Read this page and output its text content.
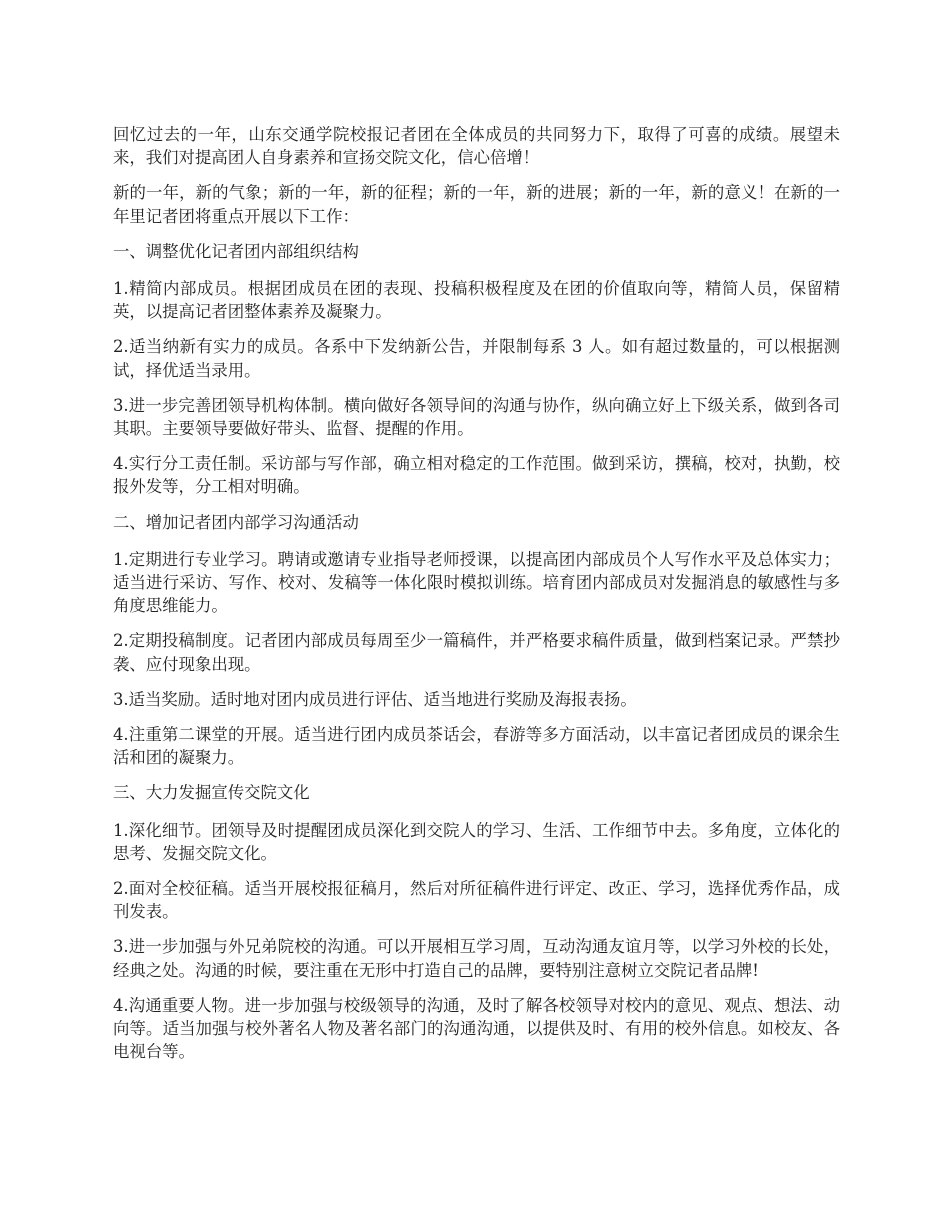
回忆过去的一年，山东交通学院校报记者团在全体成员的共同努力下，取得了可喜的成绩。展望未来，我们对提高团人自身素养和宣扬交院文化，信心倍增！

新的一年，新的气象；新的一年，新的征程；新的一年，新的进展；新的一年，新的意义！在新的一年里记者团将重点开展以下工作：

一、调整优化记者团内部组织结构

1.精简内部成员。根据团成员在团的表现、投稿积极程度及在团的价值取向等，精简人员，保留精英，以提高记者团整体素养及凝聚力。

2.适当纳新有实力的成员。各系中下发纳新公告，并限制每系 3 人。如有超过数量的，可以根据测试，择优适当录用。

3.进一步完善团领导机构体制。横向做好各领导间的沟通与协作，纵向确立好上下级关系，做到各司其职。主要领导要做好带头、监督、提醒的作用。

4.实行分工责任制。采访部与写作部，确立相对稳定的工作范围。做到采访，撰稿，校对，执勤，校报外发等，分工相对明确。

二、增加记者团内部学习沟通活动

1.定期进行专业学习。聘请或邀请专业指导老师授课，以提高团内部成员个人写作水平及总体实力；适当进行采访、写作、校对、发稿等一体化限时模拟训练。培育团内部成员对发掘消息的敏感性与多角度思维能力。

2.定期投稿制度。记者团内部成员每周至少一篇稿件，并严格要求稿件质量，做到档案记录。严禁抄袭、应付现象出现。

3.适当奖励。适时地对团内成员进行评估、适当地进行奖励及海报表扬。

4.注重第二课堂的开展。适当进行团内成员茶话会，春游等多方面活动，以丰富记者团成员的课余生活和团的凝聚力。

三、大力发掘宣传交院文化

1.深化细节。团领导及时提醒团成员深化到交院人的学习、生活、工作细节中去。多角度，立体化的思考、发掘交院文化。

2.面对全校征稿。适当开展校报征稿月，然后对所征稿件进行评定、改正、学习，选择优秀作品，成刊发表。

3.进一步加强与外兄弟院校的沟通。可以开展相互学习周，互动沟通友谊月等，以学习外校的长处，经典之处。沟通的时候，要注重在无形中打造自己的品牌，要特别注意树立交院记者品牌!

4.沟通重要人物。进一步加强与校级领导的沟通，及时了解各校领导对校内的意见、观点、想法、动向等。适当加强与校外著名人物及著名部门的沟通沟通，以提供及时、有用的校外信息。如校友、各电视台等。
